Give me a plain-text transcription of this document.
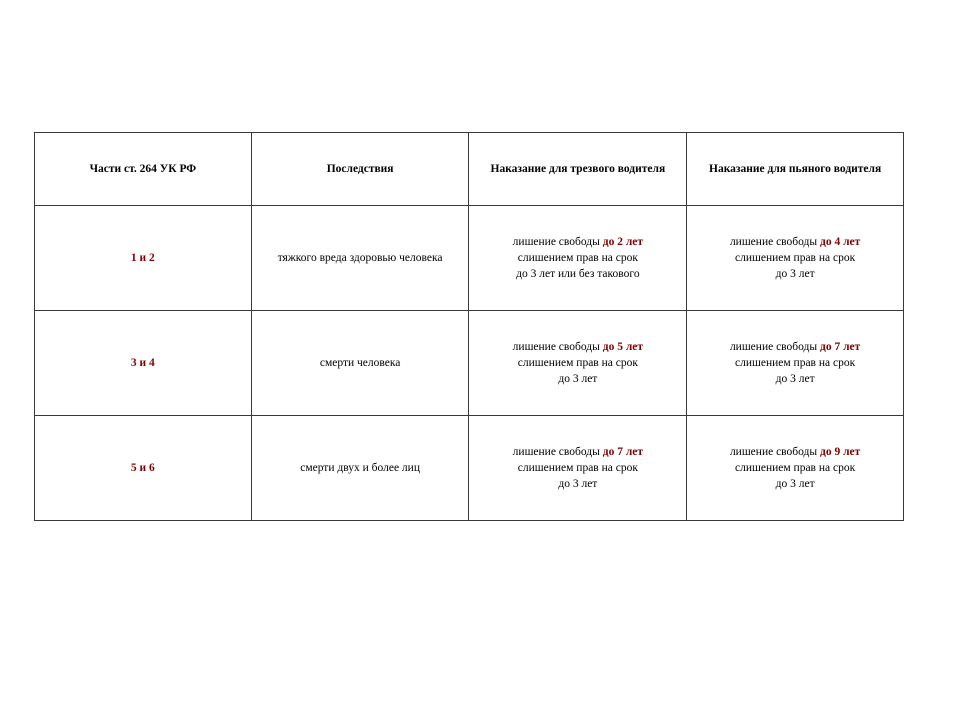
Части ст. 264 УК РФ	Последствия	Наказание для трезвого водителя	Наказание для пьяного водителя
1 и 2	тяжкого вреда здоровью человека	лишение свободы до 2 лет
слишением прав на срок
до 3 лет или без такового	лишение свободы до 4 лет
слишением прав на срок
до 3 лет

3 и 4	смерти человека	лишение свободы до 5 лет
слишением прав на срок
до 3 лет	лишение свободы до 7 лет
слишением прав на срок
до 3 лет

5 и 6	смерти двух и более лиц	лишение свободы до 7 лет
слишением прав на срок
до 3 лет	лишение свободы до 9 лет
слишением прав на срок
до 3 лет
